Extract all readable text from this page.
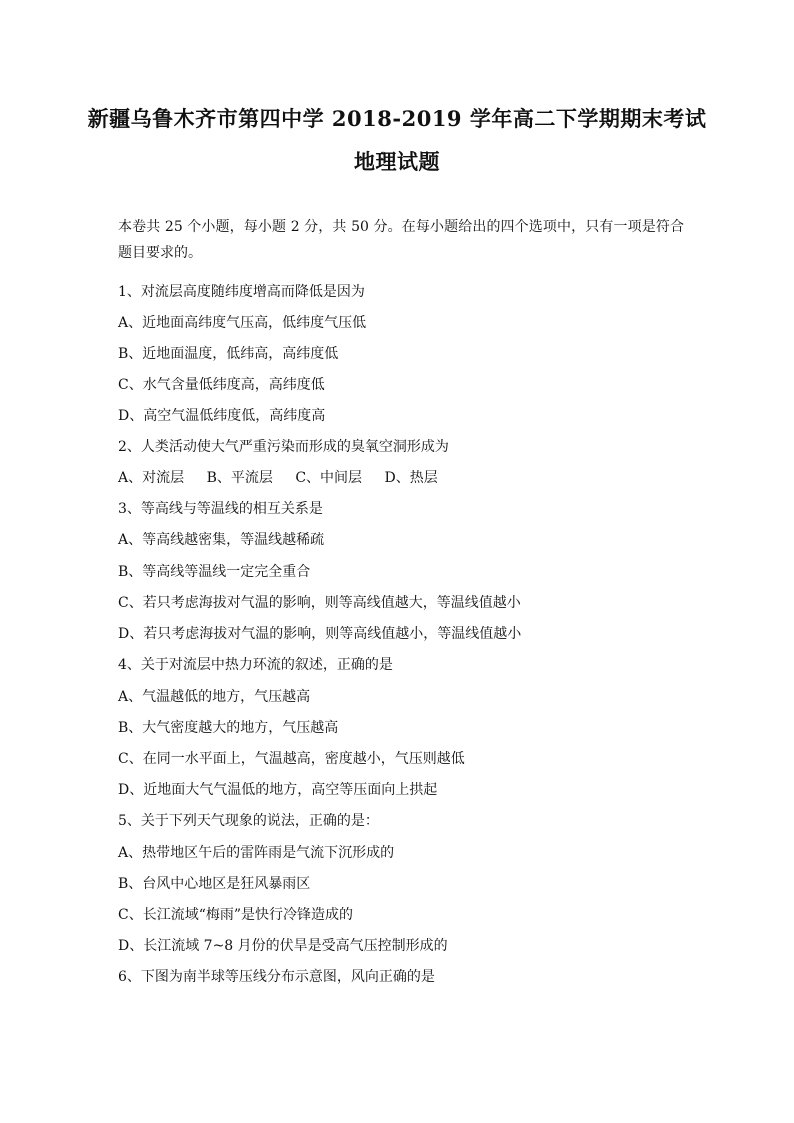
新疆乌鲁木齐市第四中学 2018-2019 学年高二下学期期末考试
地理试题
本卷共 25 个小题，每小题 2 分，共 50 分。在每小题给出的四个选项中，只有一项是符合题目要求的。
1、对流层高度随纬度增高而降低是因为
A、近地面高纬度气压高，低纬度气压低
B、近地面温度，低纬高，高纬度低
C、水气含量低纬度高，高纬度低
D、高空气温低纬度低，高纬度高
2、人类活动使大气严重污染而形成的臭氧空洞形成为
A、对流层 B、平流层 C、中间层 D、热层
3、等高线与等温线的相互关系是
A、等高线越密集，等温线越稀疏
B、等高线等温线一定完全重合
C、若只考虑海拔对气温的影响，则等高线值越大，等温线值越小
D、若只考虑海拔对气温的影响，则等高线值越小，等温线值越小
4、关于对流层中热力环流的叙述，正确的是
A、气温越低的地方，气压越高
B、大气密度越大的地方，气压越高
C、在同一水平面上，气温越高，密度越小，气压则越低
D、近地面大气气温低的地方，高空等压面向上拱起
5、关于下列天气现象的说法，正确的是：
A、热带地区午后的雷阵雨是气流下沉形成的
B、台风中心地区是狂风暴雨区
C、长江流域“梅雨”是快行冷锋造成的
D、长江流域 7~8 月份的伏旱是受高气压控制形成的
6、下图为南半球等压线分布示意图，风向正确的是
